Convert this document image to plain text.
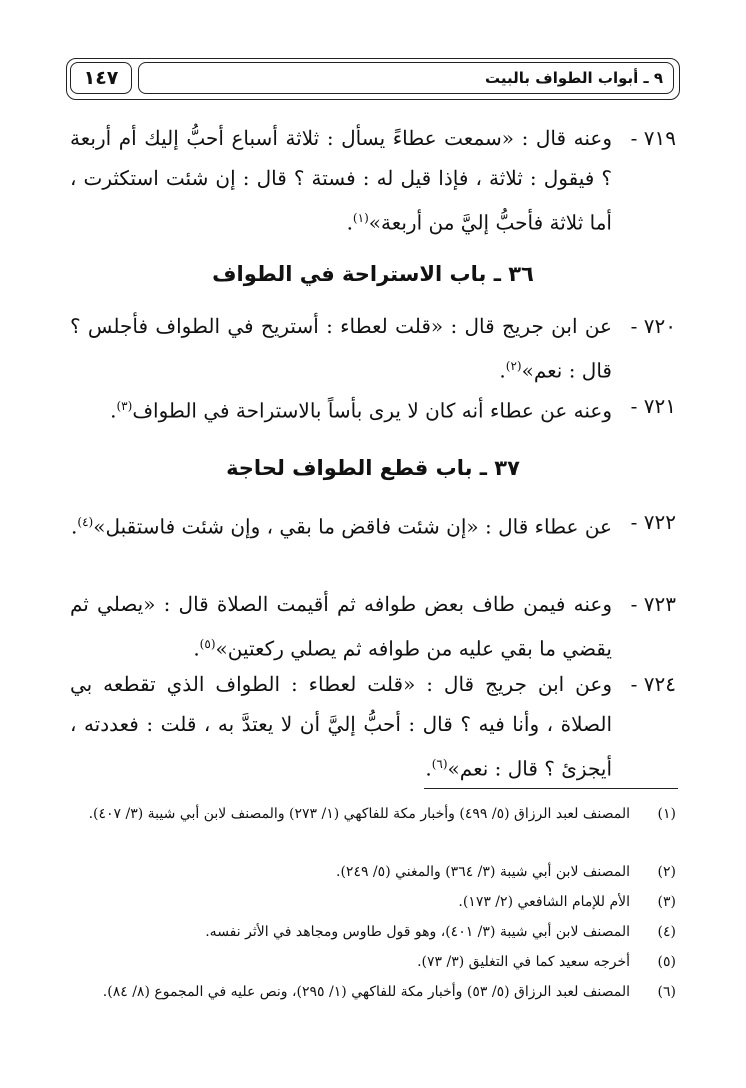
٩ ـ أبواب الطواف بالبيت
١٤٧
٧١٩ -
وعنه قال : «سمعت عطاءً يسأل : ثلاثة أسباع أحبُّ إليك أم أربعة ؟ فيقول : ثلاثة ، فإذا قيل له : فستة ؟ قال : إن شئت استكثرت ، أما ثلاثة فأحبُّ إليَّ من أربعة»$^{(١)}$.
٣٦ ـ باب الاستراحة في الطواف
٧٢٠ -
عن ابن جريج قال : «قلت لعطاء : أستريح في الطواف فأجلس ؟ قال : نعم»$^{(٢)}$.
٧٢١ -
وعنه عن عطاء أنه كان لا يرى بأساً بالاستراحة في الطواف$^{(٣)}$.
٣٧ ـ باب قطع الطواف لحاجة
٧٢٢ -
عن عطاء قال : «إن شئت فاقض ما بقي ، وإن شئت فاستقبل»$^{(٤)}$.
٧٢٣ -
وعنه فيمن طاف بعض طوافه ثم أقيمت الصلاة قال : «يصلي ثم يقضي ما بقي عليه من طوافه ثم يصلي ركعتين»$^{(٥)}$.
٧٢٤ -
وعن ابن جريج قال : «قلت لعطاء : الطواف الذي تقطعه بي الصلاة ، وأنا فيه ؟ قال : أحبُّ إليَّ أن لا يعتدَّ به ، قلت : فعددته ، أيجزئ ؟ قال : نعم»$^{(٦)}$.
(١)
المصنف لعبد الرزاق (٥/ ٤٩٩) وأخبار مكة للفاكهي (١/ ٢٧٣) والمصنف لابن أبي شيبة (٣/ ٤٠٧).
(٢)
المصنف لابن أبي شيبة (٣/ ٣٦٤) والمغني (٥/ ٢٤٩).
(٣)
الأم للإمام الشافعي (٢/ ١٧٣).
(٤)
المصنف لابن أبي شيبة (٣/ ٤٠١)، وهو قول طاوس ومجاهد في الأثر نفسه.
(٥)
أخرجه سعيد كما في التغليق (٣/ ٧٣).
(٦)
المصنف لعبد الرزاق (٥/ ٥٣) وأخبار مكة للفاكهي (١/ ٢٩٥)، ونص عليه في المجموع (٨/ ٨٤).
